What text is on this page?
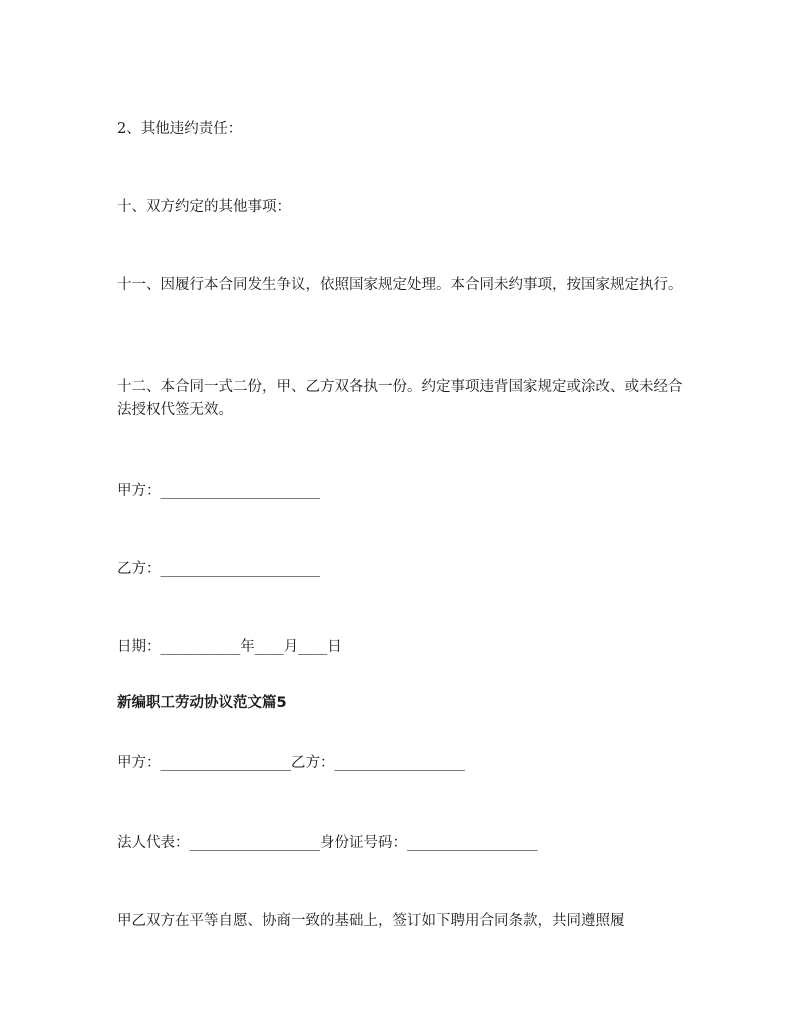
2、其他违约责任：
十、双方约定的其他事项：
十一、因履行本合同发生争议，依照国家规定处理。本合同未约事项，按国家规定执行。
十二、本合同一式二份，甲、乙方双各执一份。约定事项违背国家规定或涂改、或未经合法授权代签无效。
甲方：______________________
乙方：______________________
日期：___________年____月____日
新编职工劳动协议范文篇5
甲方：__________________乙方：__________________
法人代表：__________________身份证号码：__________________
甲乙双方在平等自愿、协商一致的基础上，签订如下聘用合同条款，共同遵照履
